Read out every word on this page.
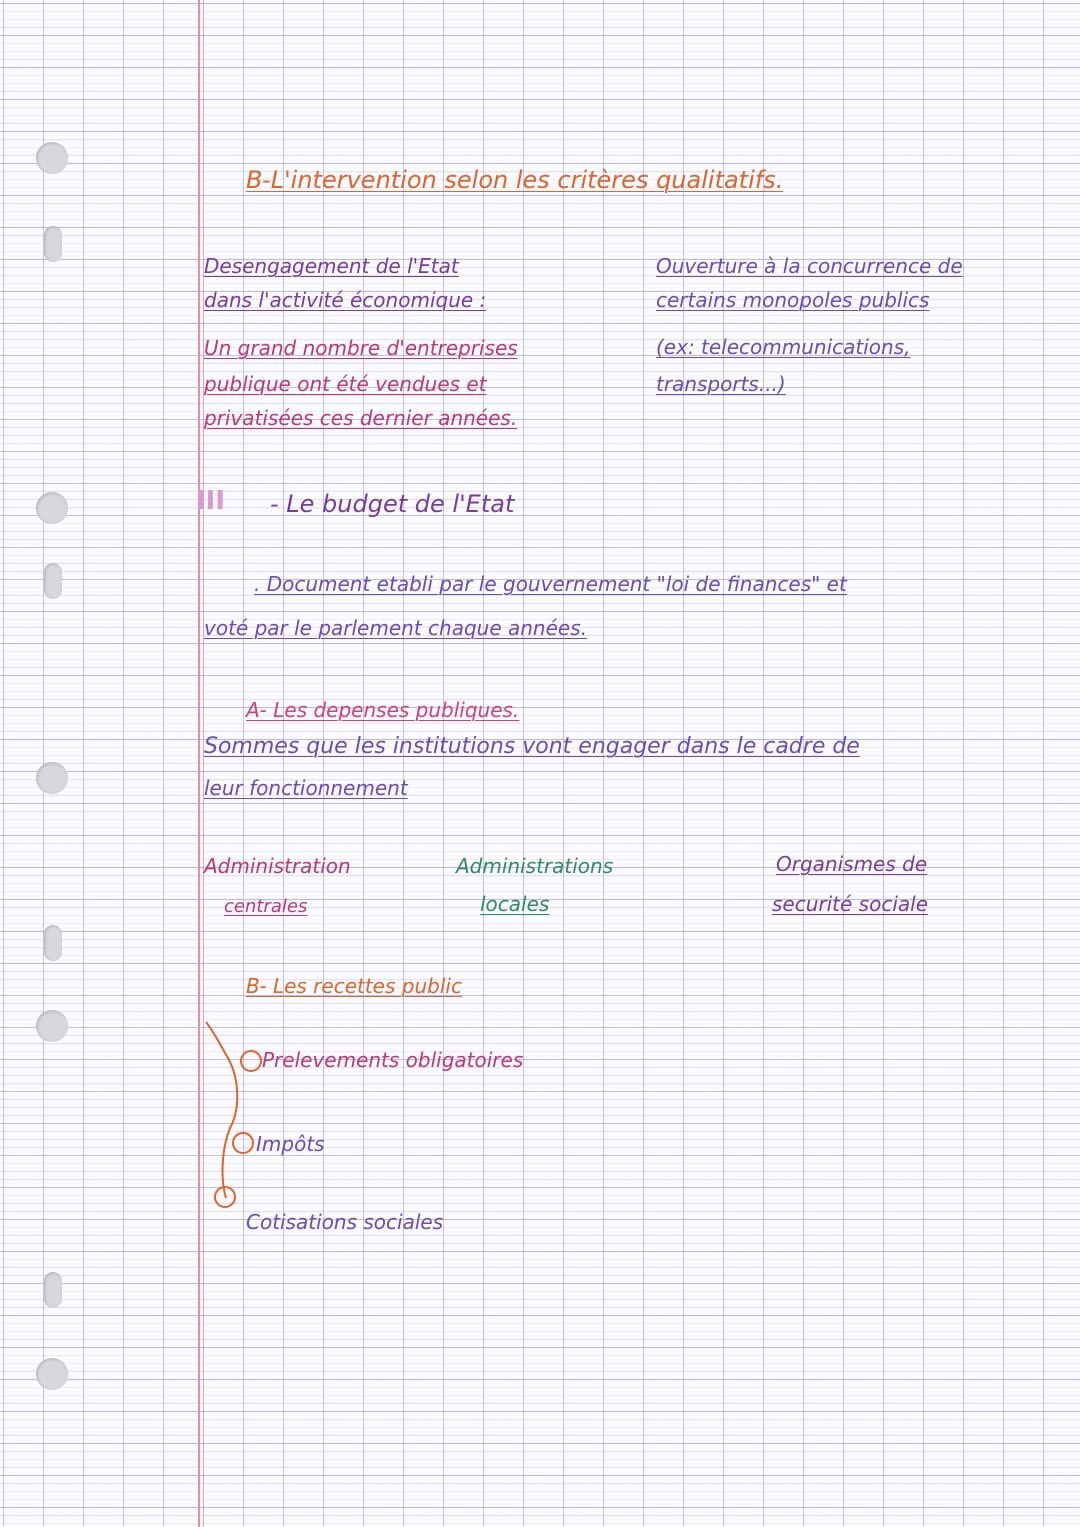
B-L'intervention selon les critères qualitatifs.
Desengagement de l'Etat
dans l'activité économique :
Un grand nombre d'entreprises
publique ont été vendues et
privatisées ces dernier années.
Ouverture à la concurrence de
certains monopoles publics
(ex: telecommunications,
transports...)
III - Le budget de l'Etat
. Document etabli par le gouvernement "loi de finances" et
voté par le parlement chaque années.
A- Les depenses publiques.
Sommes que les institutions vont engager dans le cadre de
leur fonctionnement
Administration
centrales
Administrations
locales
Organismes de
securité sociale
B- Les recettes public
Prelevements obligatoires
Impôts
Cotisations sociales
